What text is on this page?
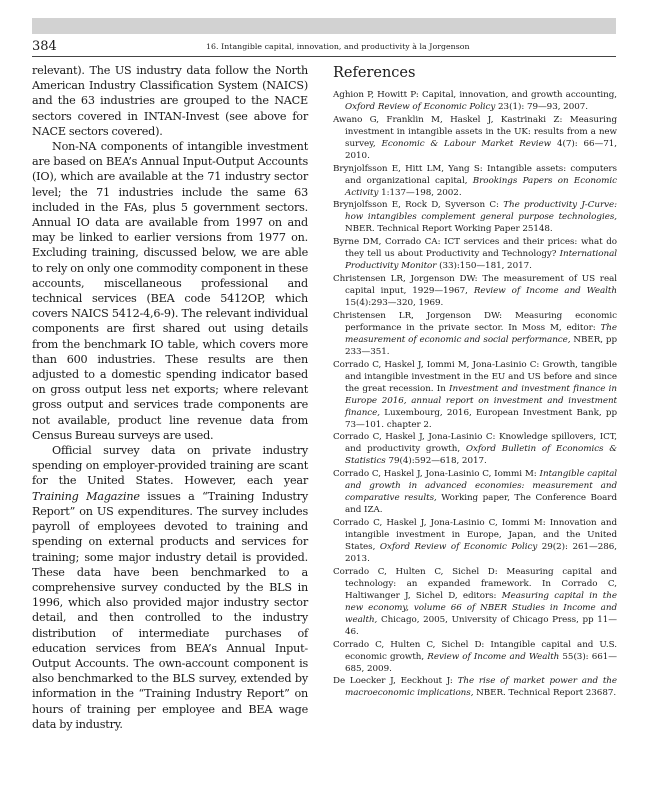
384	16. Intangible capital, innovation, and productivity à la Jorgenson

relevant). The US industry data follow the North American Industry Classification System (NAICS) and the 63 industries are grouped to the NACE sectors covered in INTAN-Invest (see above for NACE sectors covered).

Non-NA components of intangible investment are based on BEA’s Annual Input-Output Accounts (IO), which are available at the 71 industry sector level; the 71 industries include the same 63 included in the FAs, plus 5 government sectors. Annual IO data are available from 1997 on and may be linked to earlier versions from 1977 on. Excluding training, discussed below, we are able to rely on only one commodity component in these accounts, miscellaneous professional and technical services (BEA code 5412OP, which covers NAICS 5412-4,6-9). The relevant individual components are first shared out using details from the benchmark IO table, which covers more than 600 industries. These results are then adjusted to a domestic spending indicator based on gross output less net exports; where relevant gross output and services trade components are not available, product line revenue data from Census Bureau surveys are used.

Official survey data on private industry spending on employer-provided training are scant for the United States. However, each year Training Magazine issues a “Training Industry Report” on US expenditures. The survey includes payroll of employees devoted to training and spending on external products and services for training; some major industry detail is provided. These data have been benchmarked to a comprehensive survey conducted by the BLS in 1996, which also provided major industry sector detail, and then controlled to the industry distribution of intermediate purchases of education services from BEA’s Annual Input-Output Accounts. The own-account component is also benchmarked to the BLS survey, extended by information in the “Training Industry Report” on hours of training per employee and BEA wage data by industry.

References
Aghion P, Howitt P: Capital, innovation, and growth accounting, Oxford Review of Economic Policy 23(1): 79—93, 2007.
Awano G, Franklin M, Haskel J, Kastrinaki Z: Measuring investment in intangible assets in the UK: results from a new survey, Economic & Labour Market Review 4(7): 66—71, 2010.
Brynjolfsson E, Hitt LM, Yang S: Intangible assets: computers and organizational capital, Brookings Papers on Economic Activity 1:137—198, 2002.
Brynjolfsson E, Rock D, Syverson C: The productivity J-Curve: how intangibles complement general purpose technologies, NBER. Technical Report Working Paper 25148.
Byrne DM, Corrado CA: ICT services and their prices: what do they tell us about Productivity and Technology? International Productivity Monitor (33):150—181, 2017.
Christensen LR, Jorgenson DW: The measurement of US real capital input, 1929—1967, Review of Income and Wealth 15(4):293—320, 1969.
Christensen LR, Jorgenson DW: Measuring economic performance in the private sector. In Moss M, editor: The measurement of economic and social performance, NBER, pp 233—351.
Corrado C, Haskel J, Iommi M, Jona-Lasinio C: Growth, tangible and intangible investment in the EU and US before and since the great recession. In Investment and investment finance in Europe 2016, annual report on investment and investment finance, Luxembourg, 2016, European Investment Bank, pp 73—101. chapter 2.
Corrado C, Haskel J, Jona-Lasinio C: Knowledge spillovers, ICT, and productivity growth, Oxford Bulletin of Economics & Statistics 79(4):592—618, 2017.
Corrado C, Haskel J, Jona-Lasinio C, Iommi M: Intangible capital and growth in advanced economies: measurement and comparative results, Working paper, The Conference Board and IZA.
Corrado C, Haskel J, Jona-Lasinio C, Iommi M: Innovation and intangible investment in Europe, Japan, and the United States, Oxford Review of Economic Policy 29(2): 261—286, 2013.
Corrado C, Hulten C, Sichel D: Measuring capital and technology: an expanded framework. In Corrado C, Haltiwanger J, Sichel D, editors: Measuring capital in the new economy, volume 66 of NBER Studies in Income and wealth, Chicago, 2005, University of Chicago Press, pp 11—46.
Corrado C, Hulten C, Sichel D: Intangible capital and U.S. economic growth, Review of Income and Wealth 55(3): 661—685, 2009.
De Loecker J, Eeckhout J: The rise of market power and the macroeconomic implications, NBER. Technical Report 23687.
